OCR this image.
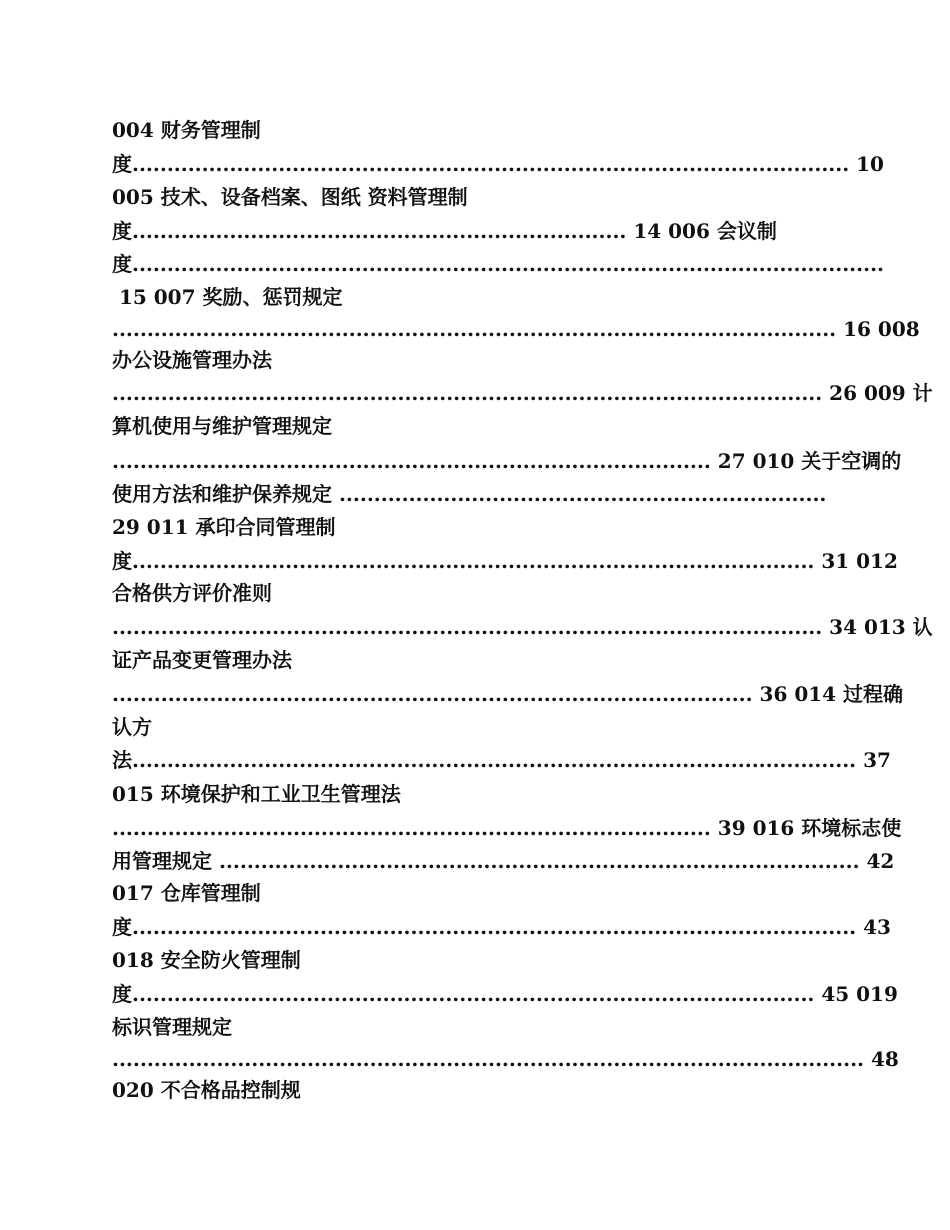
004 财务管理制
度....................................................................................................... 10
005 技术、设备档案、图纸 资料管理制
度....................................................................... 14 006 会议制
度............................................................................................................
15 007 奖励、惩罚规定
........................................................................................................ 16 008
办公设施管理办法
...................................................................................................... 26 009 计
算机使用与维护管理规定
...................................................................................... 27 010 关于空调的
使用方法和维护保养规定 ......................................................................
29 011 承印合同管理制
度.................................................................................................. 31 012
合格供方评价准则
...................................................................................................... 34 013 认
证产品变更管理办法
............................................................................................ 36 014 过程确
认方
法........................................................................................................ 37
015 环境保护和工业卫生管理法
...................................................................................... 39 016 环境标志使
用管理规定 ............................................................................................ 42
017 仓库管理制
度........................................................................................................ 43
018 安全防火管理制
度.................................................................................................. 45 019
标识管理规定
............................................................................................................ 48
020 不合格品控制规
